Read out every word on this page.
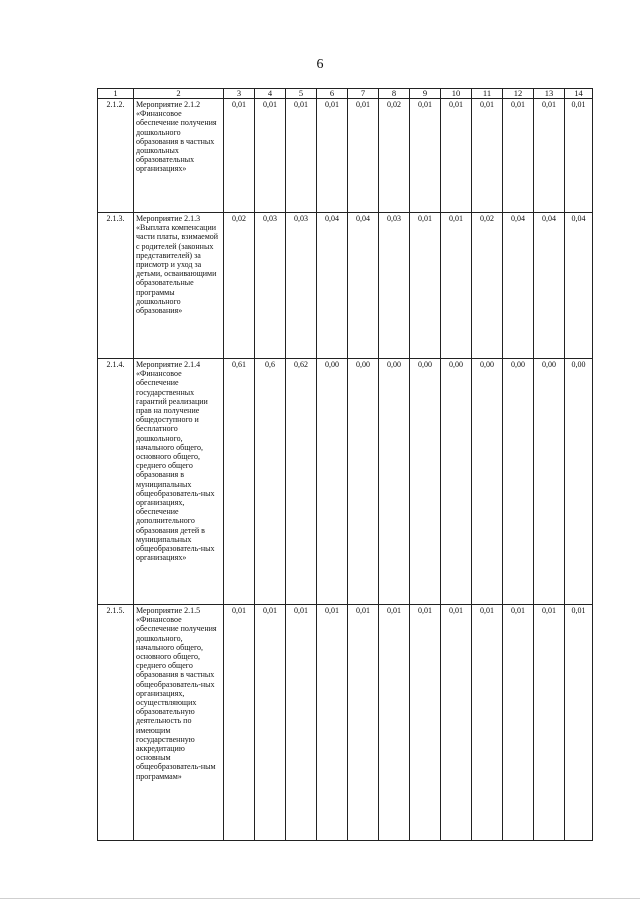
6
1	2	3	4	5	6	7	8	9	10	11	12	13	14
2.1.2.	Мероприятие 2.1.2 «Финансовое обеспечение получения дошкольного образования в частных дошкольных образовательных организациях»	0,01	0,01	0,01	0,01	0,01	0,02	0,01	0,01	0,01	0,01	0,01	0,01
2.1.3.	Мероприятие 2.1.3 «Выплата компенсации части платы, взимаемой с родителей (законных представителей) за присмотр и уход за детьми, осваивающими образовательные программы дошкольного образования»	0,02	0,03	0,03	0,04	0,04	0,03	0,01	0,01	0,02	0,04	0,04	0,04
2.1.4.	Мероприятие 2.1.4 «Финансовое обеспечение государственных гарантий реализации прав на получение общедоступного и бесплатного дошкольного, начального общего, основного общего, среднего общего образования в муниципальных общеобразователь-ных организациях, обеспечение дополнительного образования детей в муниципальных общеобразователь-ных организациях»	0,61	0,6	0,62	0,00	0,00	0,00	0,00	0,00	0,00	0,00	0,00	0,00
2.1.5.	Мероприятие 2.1.5 «Финансовое обеспечение получения дошкольного, начального общего, основного общего, среднего общего образования в частных общеобразователь-ных организациях, осуществляющих образовательную деятельность по имеющим государственную аккредитацию основным общеобразователь-ным программам»	0,01	0,01	0,01	0,01	0,01	0,01	0,01	0,01	0,01	0,01	0,01	0,01
